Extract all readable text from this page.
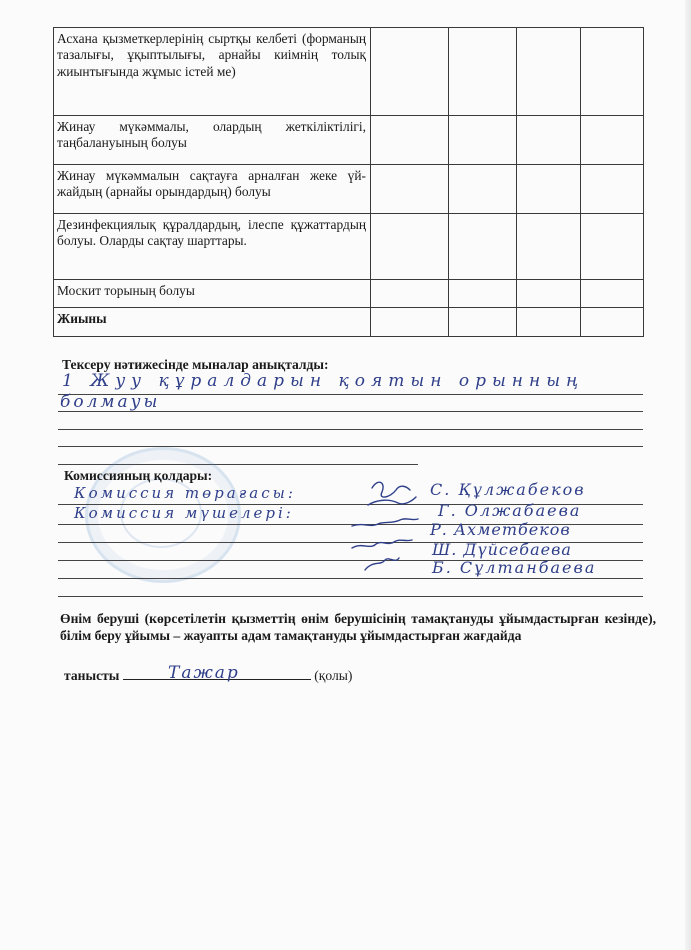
Асхана қызметкерлерінің сыртқы келбеті (форманың тазалығы, ұқыптылығы, арнайы киімнің толық жиынтығында жұмыс істей ме)				
Жинау мүкәммалы, олардың жеткіліктілігі, таңбалануының болуы				
Жинау мүкәммалын сақтауға арналған жеке үй-жайдың (арнайы орындардың) болуы				
Дезинфекциялық құралдардың, ілеспе құжаттардың болуы. Оларды сақтау шарттары.				
Москит торының болуы				
Жиыны				
Тексеру нәтижесінде мыналар анықталды:
1 Жуу құралдарын қоятын орынның
болмауы
Комиссияның қолдары:
Комиссия төрағасы:	С. Құлжабеков
Комиссия мүшелері:	Г. Олжабаева
Р. Ахметбеков
Ш. Дүйсебаева
Б. Сұлтанбаева
Өнім беруші (көрсетілетін қызметтің өнім берушісінің тамақтануды ұйымдастырған кезінде), білім беру ұйымы – жауапты адам тамақтануды ұйымдастырған жағдайда
танысты	(қолы)
Тажар
